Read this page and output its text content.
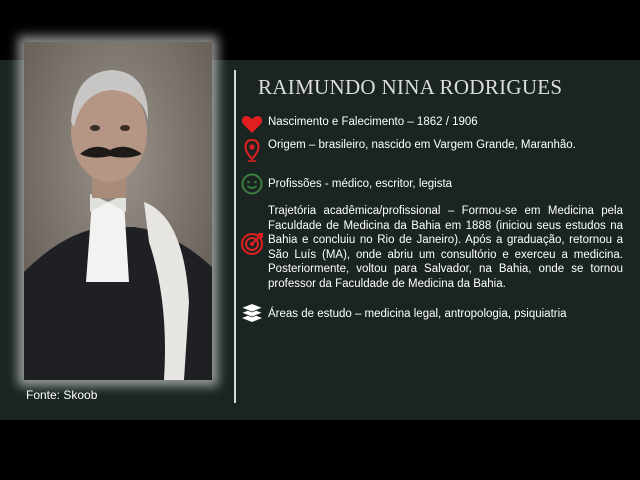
Fonte: Skoob
RAIMUNDO NINA RODRIGUES
Nascimento e Falecimento – 1862 / 1906
Origem – brasileiro, nascido em Vargem Grande, Maranhão.
Profissões - médico, escritor, legista
Trajetória acadêmica/profissional – Formou-se em Medicina pela Faculdade de Medicina da Bahia em 1888 (iniciou seus estudos na Bahia e concluiu no Rio de Janeiro). Após a graduação, retornou a São Luís (MA), onde abriu um consultório e exerceu a medicina. Posteriormente, voltou para Salvador, na Bahia, onde se tornou professor da Faculdade de Medicina da Bahia.
Áreas de estudo – medicina legal, antropologia, psiquiatria
